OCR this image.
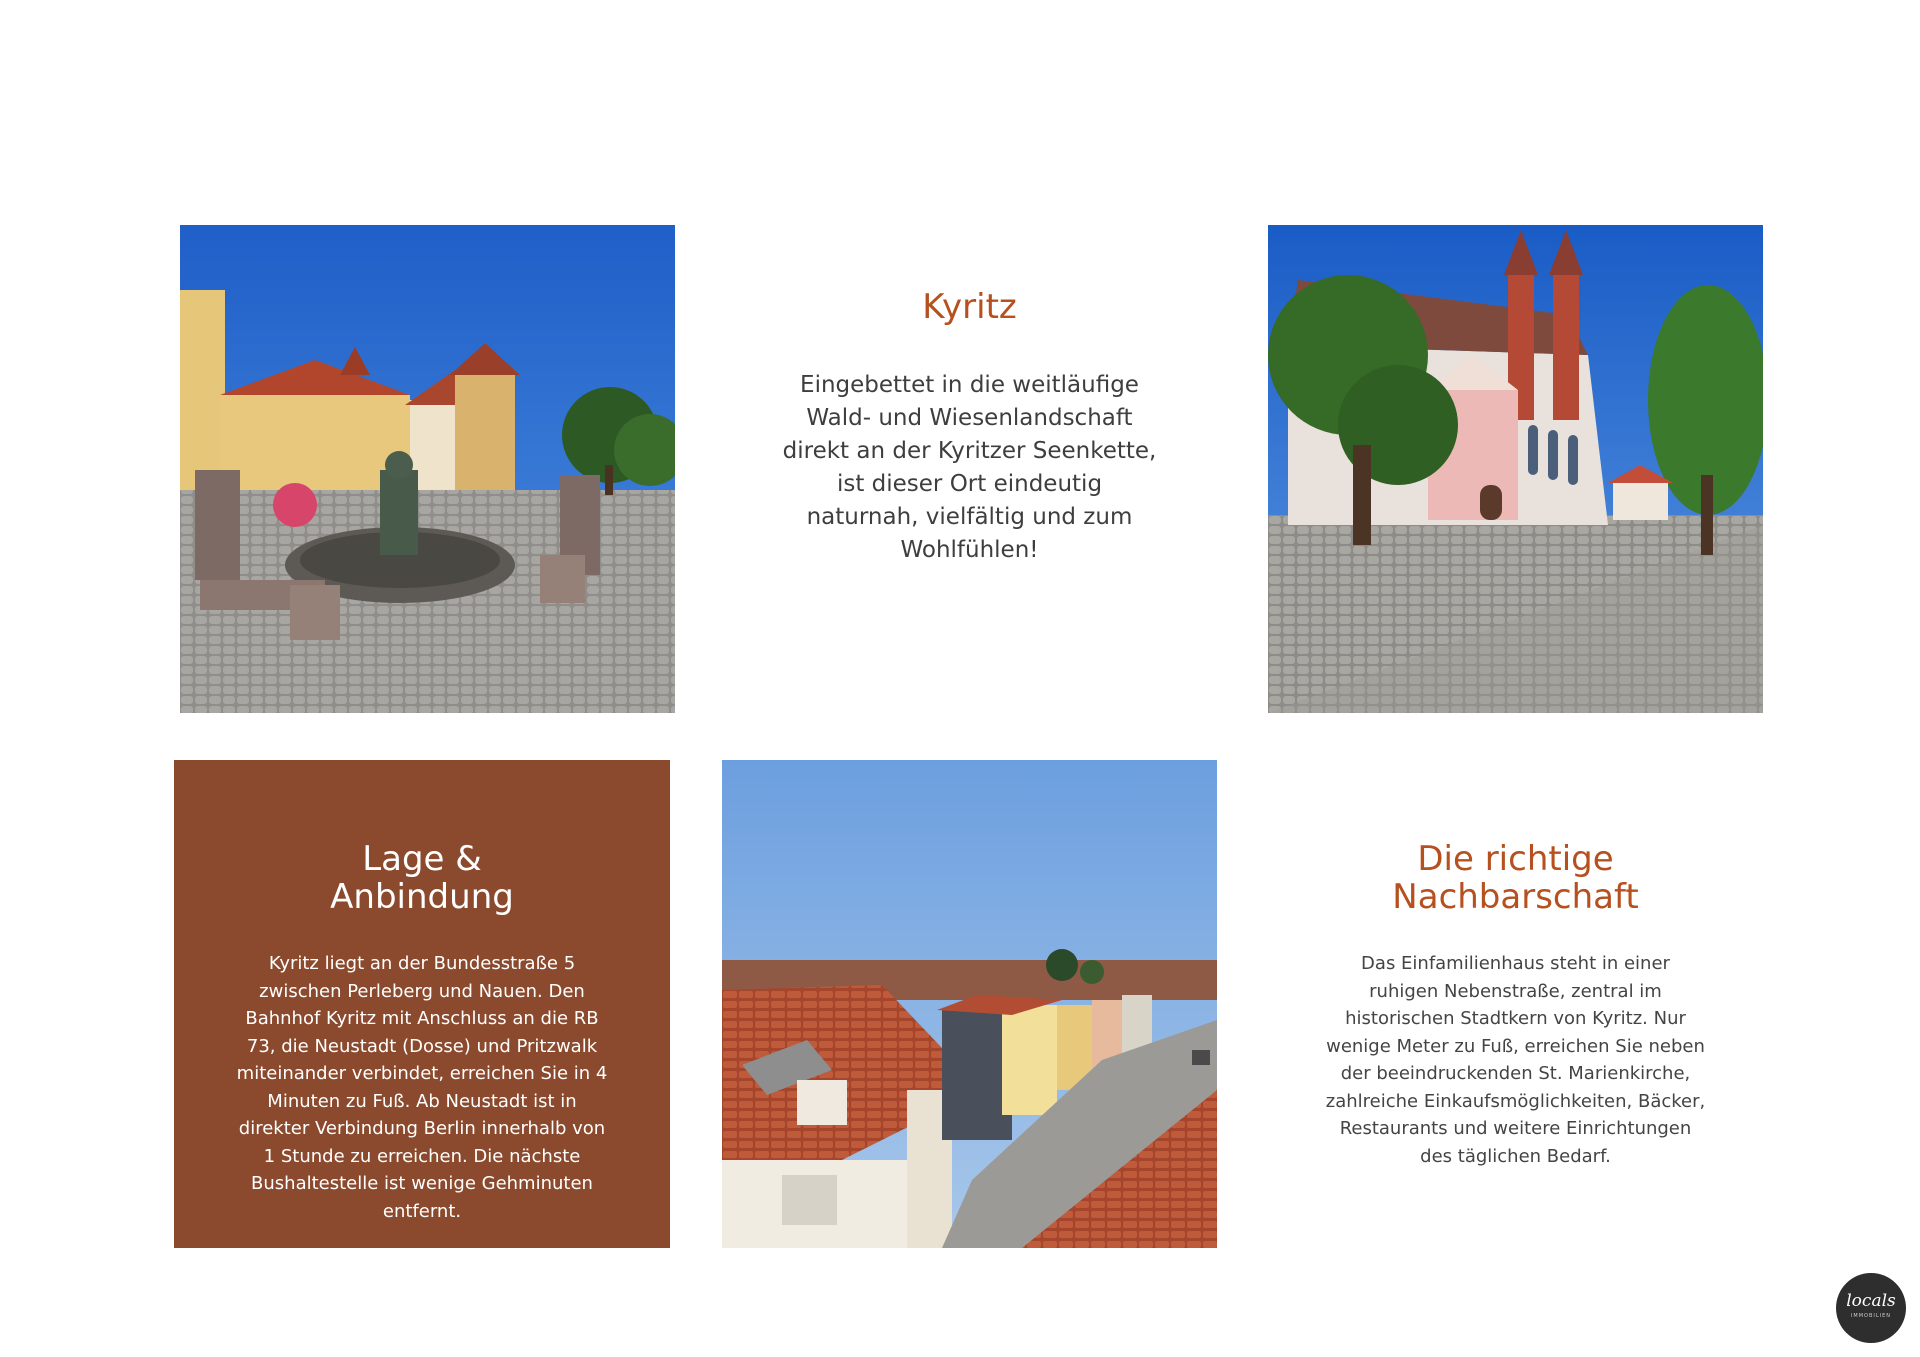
Kyritz

Eingebettet in die weitläufige Wald- und Wiesenlandschaft direkt an der Kyritzer Seenkette, ist dieser Ort eindeutig naturnah, vielfältig und zum Wohlfühlen!

Lage & Anbindung

Kyritz liegt an der Bundesstraße 5 zwischen Perleberg und Nauen. Den Bahnhof Kyritz mit Anschluss an die RB 73, die Neustadt (Dosse) und Pritzwalk miteinander verbindet, erreichen Sie in 4 Minuten zu Fuß. Ab Neustadt ist in direkter Verbindung Berlin innerhalb von 1 Stunde zu erreichen. Die nächste Bushaltestelle ist wenige Gehminuten entfernt.

Die richtige Nachbarschaft

Das Einfamilienhaus steht in einer ruhigen Nebenstraße, zentral im historischen Stadtkern von Kyritz. Nur wenige Meter zu Fuß, erreichen Sie neben der beeindruckenden St. Marienkirche, zahlreiche Einkaufsmöglichkeiten, Bäcker, Restaurants und weitere Einrichtungen des täglichen Bedarf.

locals
IMMOBILIEN
